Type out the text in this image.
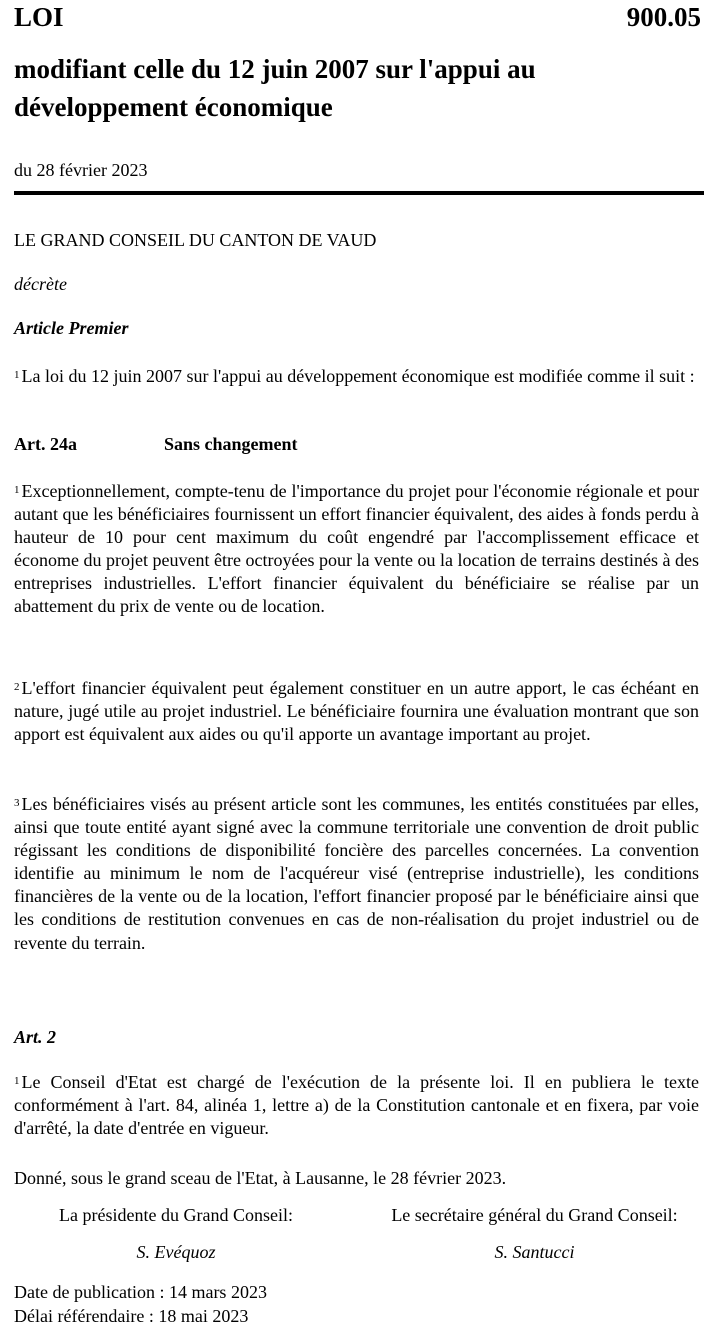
LOI	900.05
modifiant celle du 12 juin 2007 sur l'appui au développement économique
du 28 février 2023
LE GRAND CONSEIL DU CANTON DE VAUD
décrète
Article Premier

$^1$ La loi du 12 juin 2007 sur l'appui au développement économique est modifiée comme il suit :

Art. 24a	Sans changement

$^1$ Exceptionnellement, compte-tenu de l'importance du projet pour l'économie régionale et pour autant que les bénéficiaires fournissent un effort financier équivalent, des aides à fonds perdu à hauteur de 10 pour cent maximum du coût engendré par l'accomplissement efficace et économe du projet peuvent être octroyées pour la vente ou la location de terrains destinés à des entreprises industrielles. L'effort financier équivalent du bénéficiaire se réalise par un abattement du prix de vente ou de location.

$^2$ L'effort financier équivalent peut également constituer en un autre apport, le cas échéant en nature, jugé utile au projet industriel. Le bénéficiaire fournira une évaluation montrant que son apport est équivalent aux aides ou qu'il apporte un avantage important au projet.

$^3$ Les bénéficiaires visés au présent article sont les communes, les entités constituées par elles, ainsi que toute entité ayant signé avec la commune territoriale une convention de droit public régissant les conditions de disponibilité foncière des parcelles concernées. La convention identifie au minimum le nom de l'acquéreur visé (entreprise industrielle), les conditions financières de la vente ou de la location, l'effort financier proposé par le bénéficiaire ainsi que les conditions de restitution convenues en cas de non-réalisation du projet industriel ou de revente du terrain.

Art. 2

$^1$ Le Conseil d'Etat est chargé de l'exécution de la présente loi. Il en publiera le texte conformément à l'art. 84, alinéa 1, lettre a) de la Constitution cantonale et en fixera, par voie d'arrêté, la date d'entrée en vigueur.

Donné, sous le grand sceau de l'Etat, à Lausanne, le 28 février 2023.
La présidente du Grand Conseil:	Le secrétaire général du Grand Conseil:
S. Evéquoz	S. Santucci
Date de publication : 14 mars 2023
Délai référendaire : 18 mai 2023
